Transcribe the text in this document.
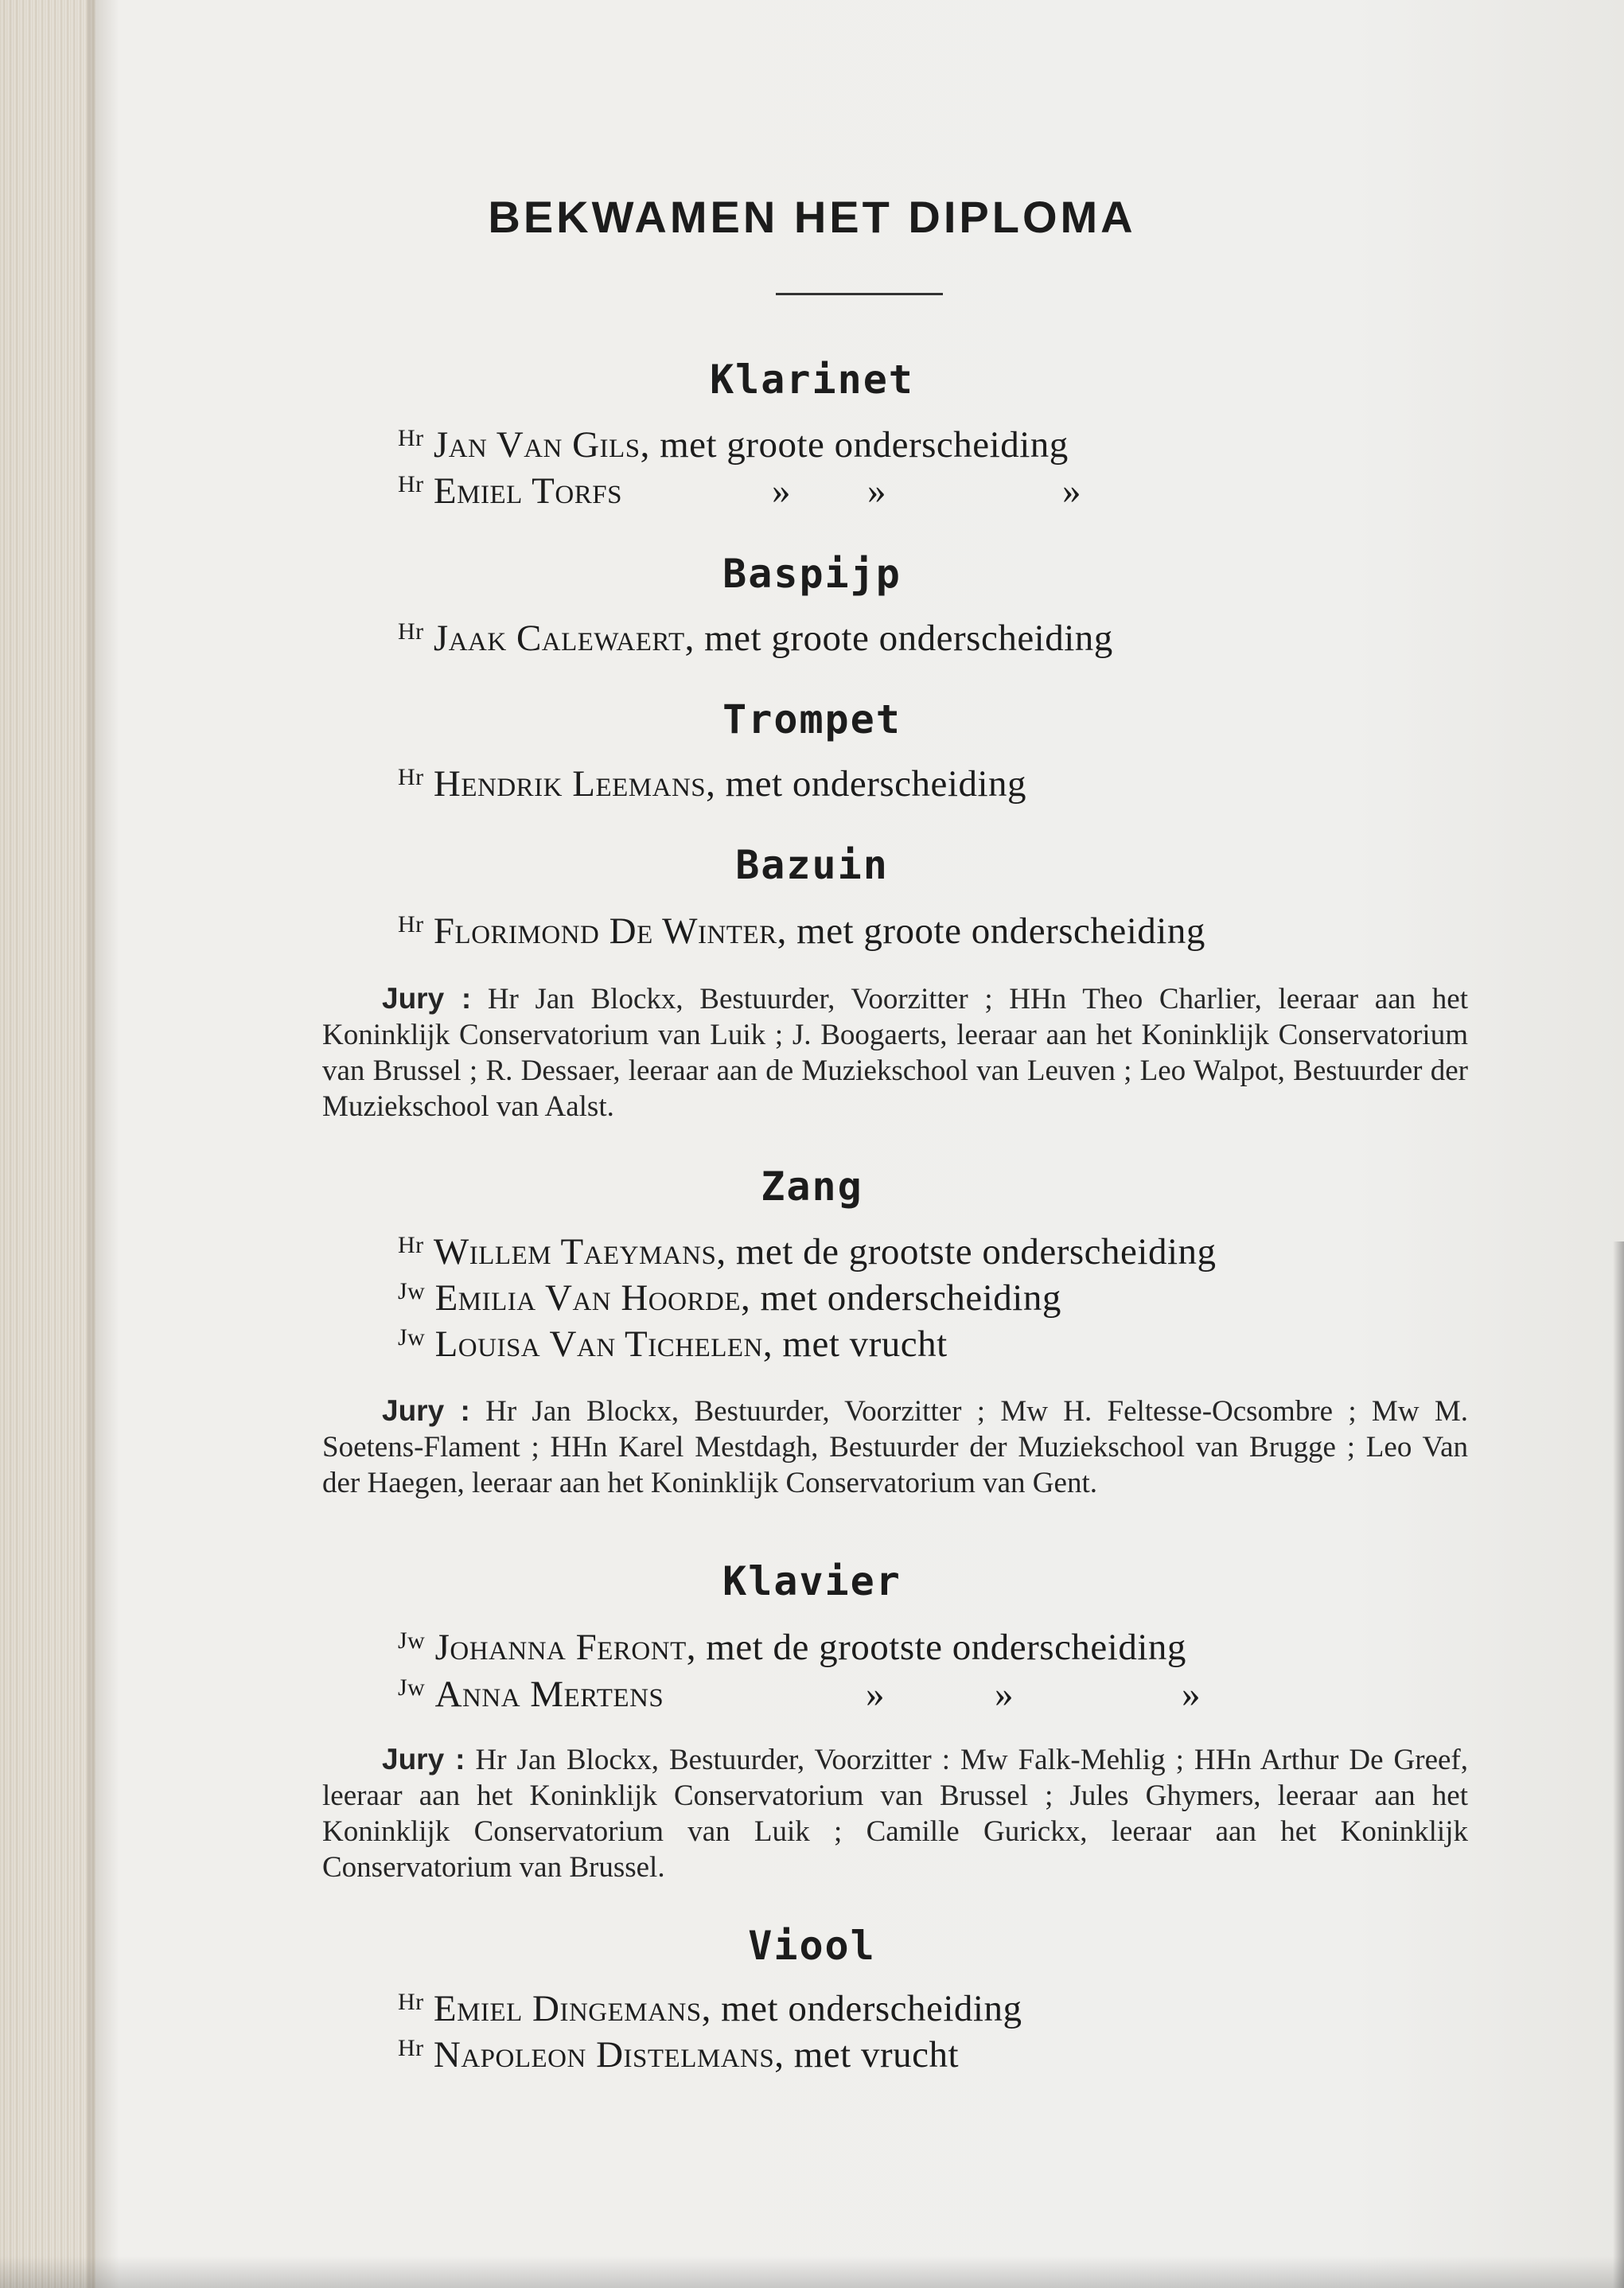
BEKWAMEN HET DIPLOMA
Klarinet
$^{Hr}$ Jan Van Gils, met groote onderscheiding
$^{Hr}$ Emiel Torfs	» »	»
Baspijp
$^{Hr}$ Jaak Calewaert, met groote onderscheiding
Trompet
$^{Hr}$ Hendrik Leemans, met onderscheiding
Bazuin
$^{Hr}$ Florimond De Winter, met groote onderscheiding
Jury : Hr Jan Blockx, Bestuurder, Voorzitter ; HHn Theo Charlier, leeraar aan het Koninklijk Conservatorium van Luik ; J. Boogaerts, leeraar aan het Koninklijk Conservatorium van Brussel ; R. Dessaer, leeraar aan de Muziekschool van Leuven ; Leo Walpot, Bestuurder der Muziekschool van Aalst.
Zang
$^{Hr}$ Willem Taeymans, met de grootste onderscheiding
$^{Jw}$ Emilia Van Hoorde, met onderscheiding
$^{Jw}$ Louisa Van Tichelen, met vrucht
Jury : Hr Jan Blockx, Bestuurder, Voorzitter ; Mw H. Feltesse-Ocsombre ; Mw M. Soetens-Flament ; HHn Karel Mestdagh, Bestuurder der Muziekschool van Brugge ; Leo Van der Haegen, leeraar aan het Koninklijk Conservatorium van Gent.
Klavier
$^{Jw}$ Johanna Feront, met de grootste onderscheiding
$^{Jw}$ Anna Mertens	»	»	»
Jury : Hr Jan Blockx, Bestuurder, Voorzitter : Mw Falk-Mehlig ; HHn Arthur De Greef, leeraar aan het Koninklijk Conservatorium van Brussel ; Jules Ghymers, leeraar aan het Koninklijk Conservatorium van Luik ; Camille Gurickx, leeraar aan het Koninklijk Conservatorium van Brussel.
Viool
$^{Hr}$ Emiel Dingemans, met onderscheiding
$^{Hr}$ Napoleon Distelmans, met vrucht
